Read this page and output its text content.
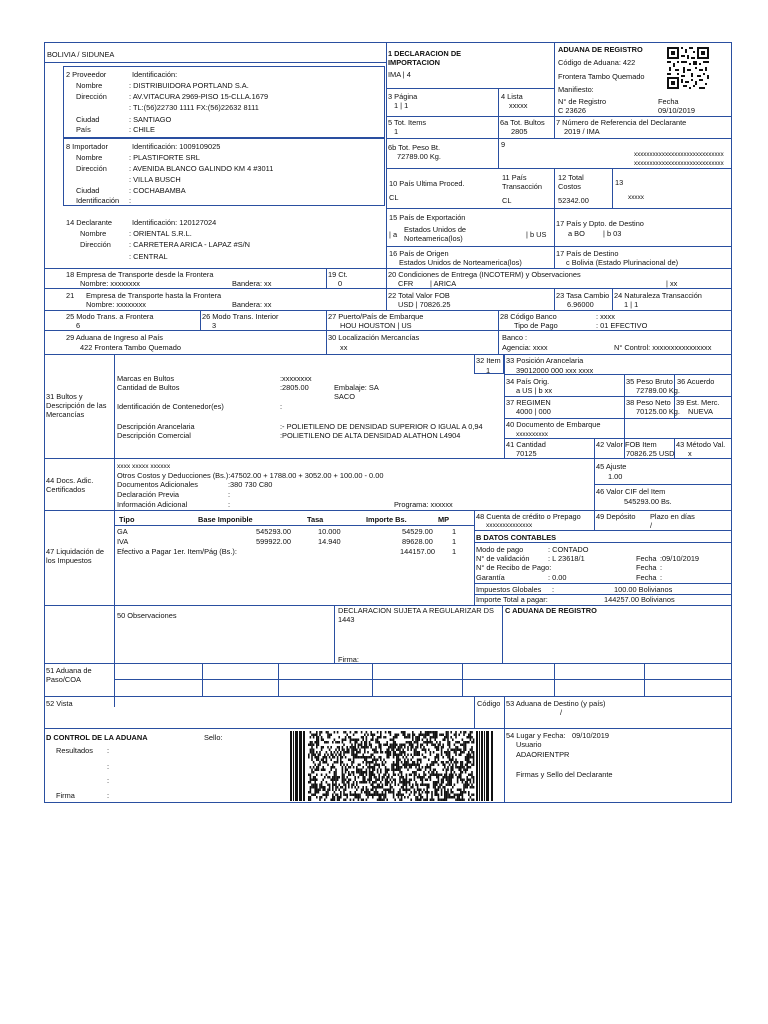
BOLIVIA / SIDUNEA	1 DECLARACION DE IMPORTACION
IMA | 4
ADUANA DE REGISTRO
Código de Aduana: 422
Frontera Tambo Quemado
Manifiesto:
N° de Registro
C 23626
Fecha
09/10/2019
2 Proveedor	Identificación:
Nombre	: DISTRIBUIDORA PORTLAND S.A.
Dirección	: AV.VITACURA 2969-PISO 15-CLLA.1679
: TL:(56)22730 1111 FX:(56)22632 8111
Ciudad	: SANTIAGO
País	: CHILE
3 Página
1 | 1
4 Lista
xxxxx
5 Tot. Items
1
6a Tot. Bultos
2805
7 Número de Referencia del Declarante
2019 / IMA
6b Tot. Peso Bt.
72789.00 Kg.
9
xxxxxxxxxxxxxxxxxxxxxxxxxxxxx
xxxxxxxxxxxxxxxxxxxxxxxxxxxxx
8 Importador	Identificación: 1009109025
Nombre	: PLASTIFORTE SRL
Dirección	: AVENIDA BLANCO GALINDO KM 4 #3011
: VILLA BUSCH
Ciudad	: COCHABAMBA
Identificación :
10 País Ultima Proced.
CL
11 País Transacción
CL
12 Total Costos
52342.00
13
xxxxx
14 Declarante	Identificación: 120127024
Nombre	: ORIENTAL S.R.L.
Dirección : CARRETERA ARICA - LAPAZ #S/N
: CENTRAL
15 País de Exportación
| a
Estados Unidos de Norteamerica(los)	| b US
17 País y Dpto. de Destino
a BO | b 03
16 País de Origen
Estados Unidos de Norteamerica(los)
17 País de Destino
c Bolivia (Estado Plurinacional de)
18 Empresa de Transporte desde la Frontera
Nombre: xxxxxxxx	Bandera: xx
19 Ct.
0
20 Condiciones de Entrega (INCOTERM) y Observaciones
CFR | ARICA	| xx
21 Empresa de Transporte hasta la Frontera
Nombre: xxxxxxxx	Bandera: xx
22 Total Valor FOB
USD | 70826.25
23 Tasa Cambio
6.96000
24 Naturaleza Transacción
1 | 1
25 Modo Trans. a Frontera
6
26 Modo Trans. Interior
3
27 Puerto/País de Embarque
HOU HOUSTON | US
28 Código Banco	: xxxx
Tipo de Pago	: 01 EFECTIVO
29 Aduana de Ingreso al País
422 Frontera Tambo Quemado
30 Localización Mercancías
xx
Banco :
Agencia: xxxx	N° Control: xxxxxxxxxxxxxxxx
32 Item
1
33 Posición Arancelaria
39012000 000 xxx xxxx
34 País Orig.
a US | b xx
35 Peso Bruto
72789.00 Kg.
36 Acuerdo
37 REGIMEN
4000 | 000
38 Peso Neto
70125.00 Kg.
39 Est. Merc.
NUEVA
40 Documento de Embarque
xxxxxxxxxx
41 Cantidad
70125
42 Valor FOB Item
70826.25 USD
43 Método Val.
x
31 Bultos y Descripción de las Mercancías
Marcas en Bultos	:xxxxxxxx
Cantidad de Bultos	:2805.00	Embalaje: SA
SACO
Identificación de Contenedor(es)	:
Descripción Arancelaria	:- POLIETILENO DE DENSIDAD SUPERIOR O IGUAL A 0,94
Descripción Comercial	:POLIETILENO DE ALTA DENSIDAD ALATHON L4904
44 Docs. Adic. Certificados
xxxx xxxxx xxxxxx
Otros Costos y Deducciones (Bs.):47502.00 + 1788.00 + 3052.00 + 100.00 - 0.00
Documentos Adicionales	:380 730 C80
Declaración Previa	:
Información Adicional	:	Programa: xxxxxx
45 Ajuste
1.00
46 Valor CIF del Item
545293.00 Bs.
47 Liquidación de los Impuestos
Tipo	Base Imponible	Tasa	Importe Bs.	MP
GA	545293.00	10.000	54529.00	1
IVA	599922.00	14.940	89628.00	1
Efectivo a Pagar 1er. Item/Pág (Bs.):	144157.00 1
48 Cuenta de crédito o Prepago
xxxxxxxxxxxxxx
49 Depósito Plazo en días
/
B DATOS CONTABLES
Modo de pago	: CONTADO
N° de validación	: L 23618/1	Fecha :09/10/2019
N° de Recibo de Pago:	Fecha :
Garantía	: 0.00	Fecha :
Impuestos Globales :	100.00 Bolivianos
Importe Total a pagar:	144257.00 Bolivianos
50 Observaciones
DECLARACION SUJETA A REGULARIZAR DS 1443
Firma:
C ADUANA DE REGISTRO
51 Aduana de Paso/COA
52 Vista	Código 53 Aduana de Destino (y país)
/
D CONTROL DE LA ADUANA	Sello:
Resultados :
:
:
Firma	:
54 Lugar y Fecha: 09/10/2019
Usuario
ADAORIENTPR
Firmas y Sello del Declarante
